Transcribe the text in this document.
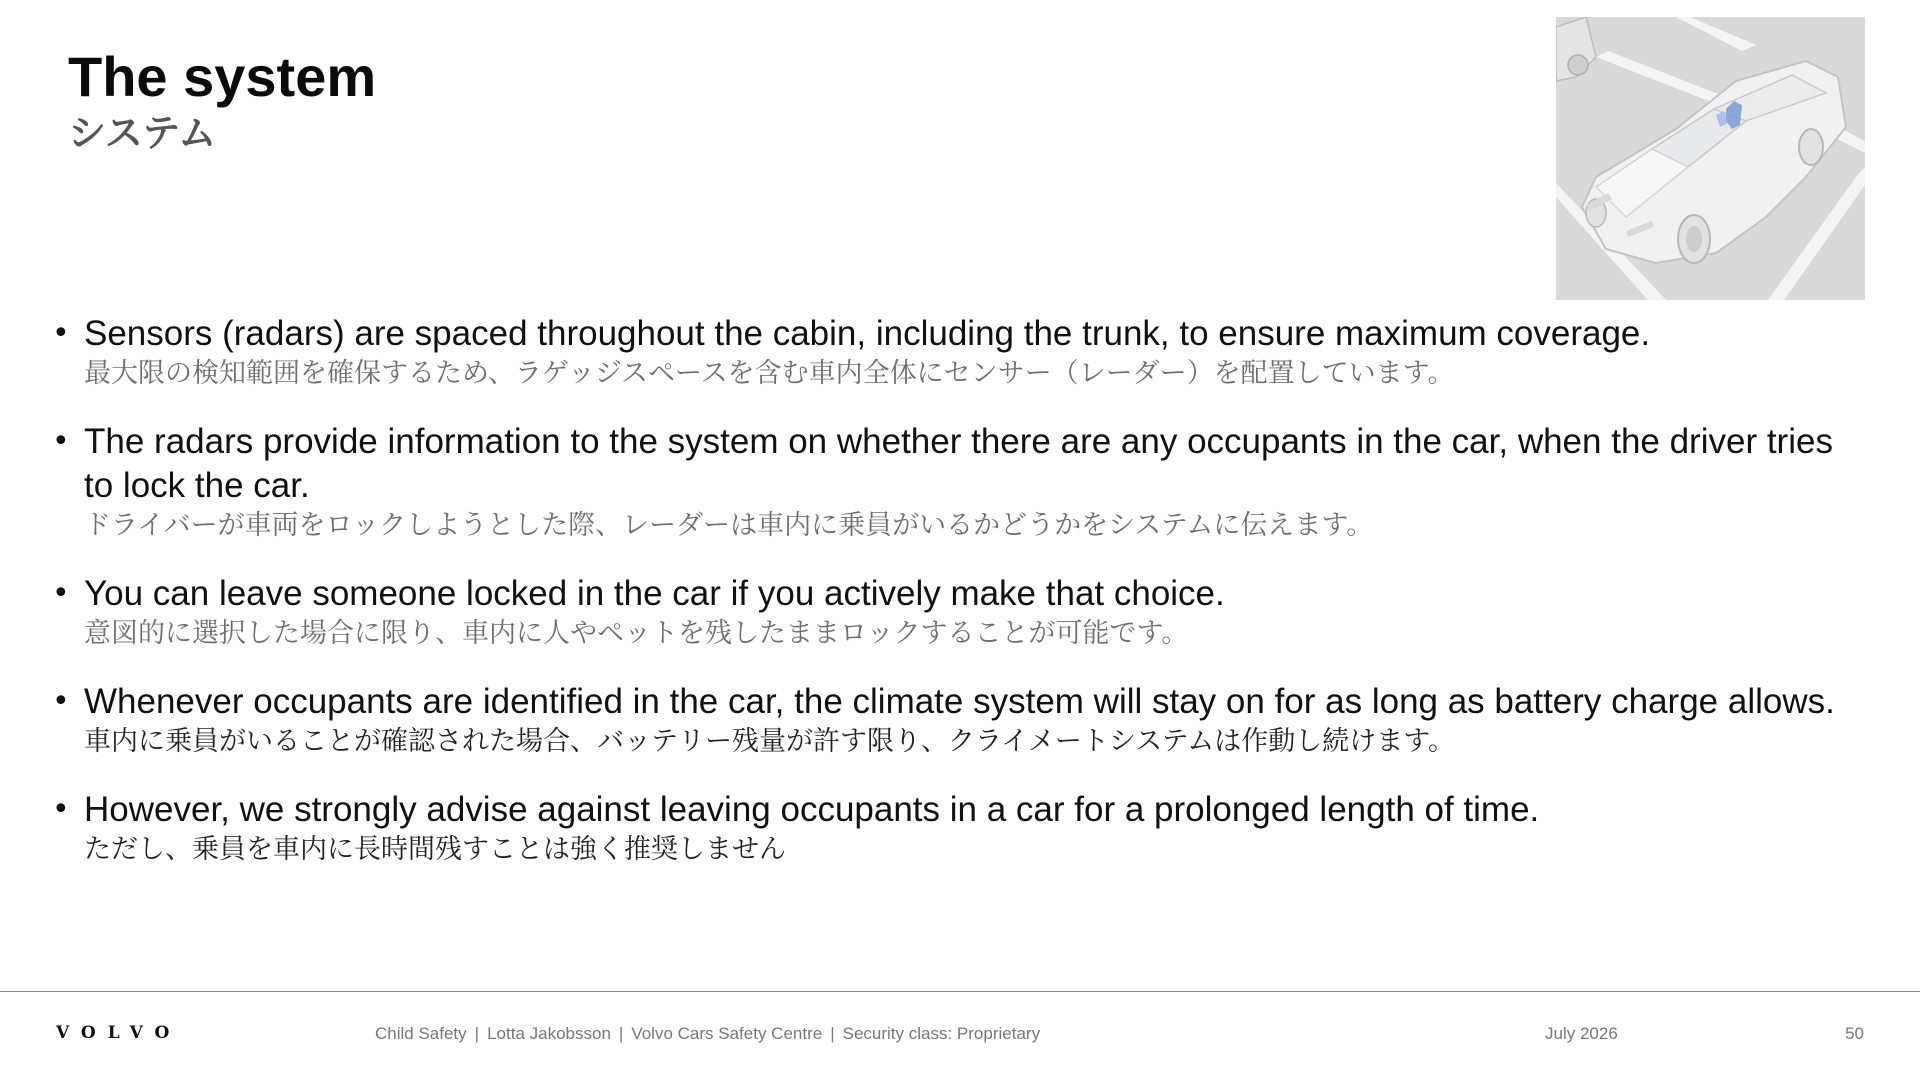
The system
システム
• Sensors (radars) are spaced throughout the cabin, including the trunk, to ensure maximum coverage.
最大限の検知範囲を確保するため、ラゲッジスペースを含む車内全体にセンサー（レーダー）を配置しています。
• The radars provide information to the system on whether there are any occupants in the car, when the driver tries to lock the car.
ドライバーが車両をロックしようとした際、レーダーは車内に乗員がいるかどうかをシステムに伝えます。
• You can leave someone locked in the car if you actively make that choice.
意図的に選択した場合に限り、車内に人やペットを残したままロックすることが可能です。
• Whenever occupants are identified in the car, the climate system will stay on for as long as battery charge allows.
車内に乗員がいることが確認された場合、バッテリー残量が許す限り、クライメートシステムは作動し続けます。
• However, we strongly advise against leaving occupants in a car for a prolonged length of time.
ただし、乗員を車内に長時間残すことは強く推奨しません
VOLVO	Child Safety | Lotta Jakobsson | Volvo Cars Safety Centre | Security class: Proprietary	July 2026	50
